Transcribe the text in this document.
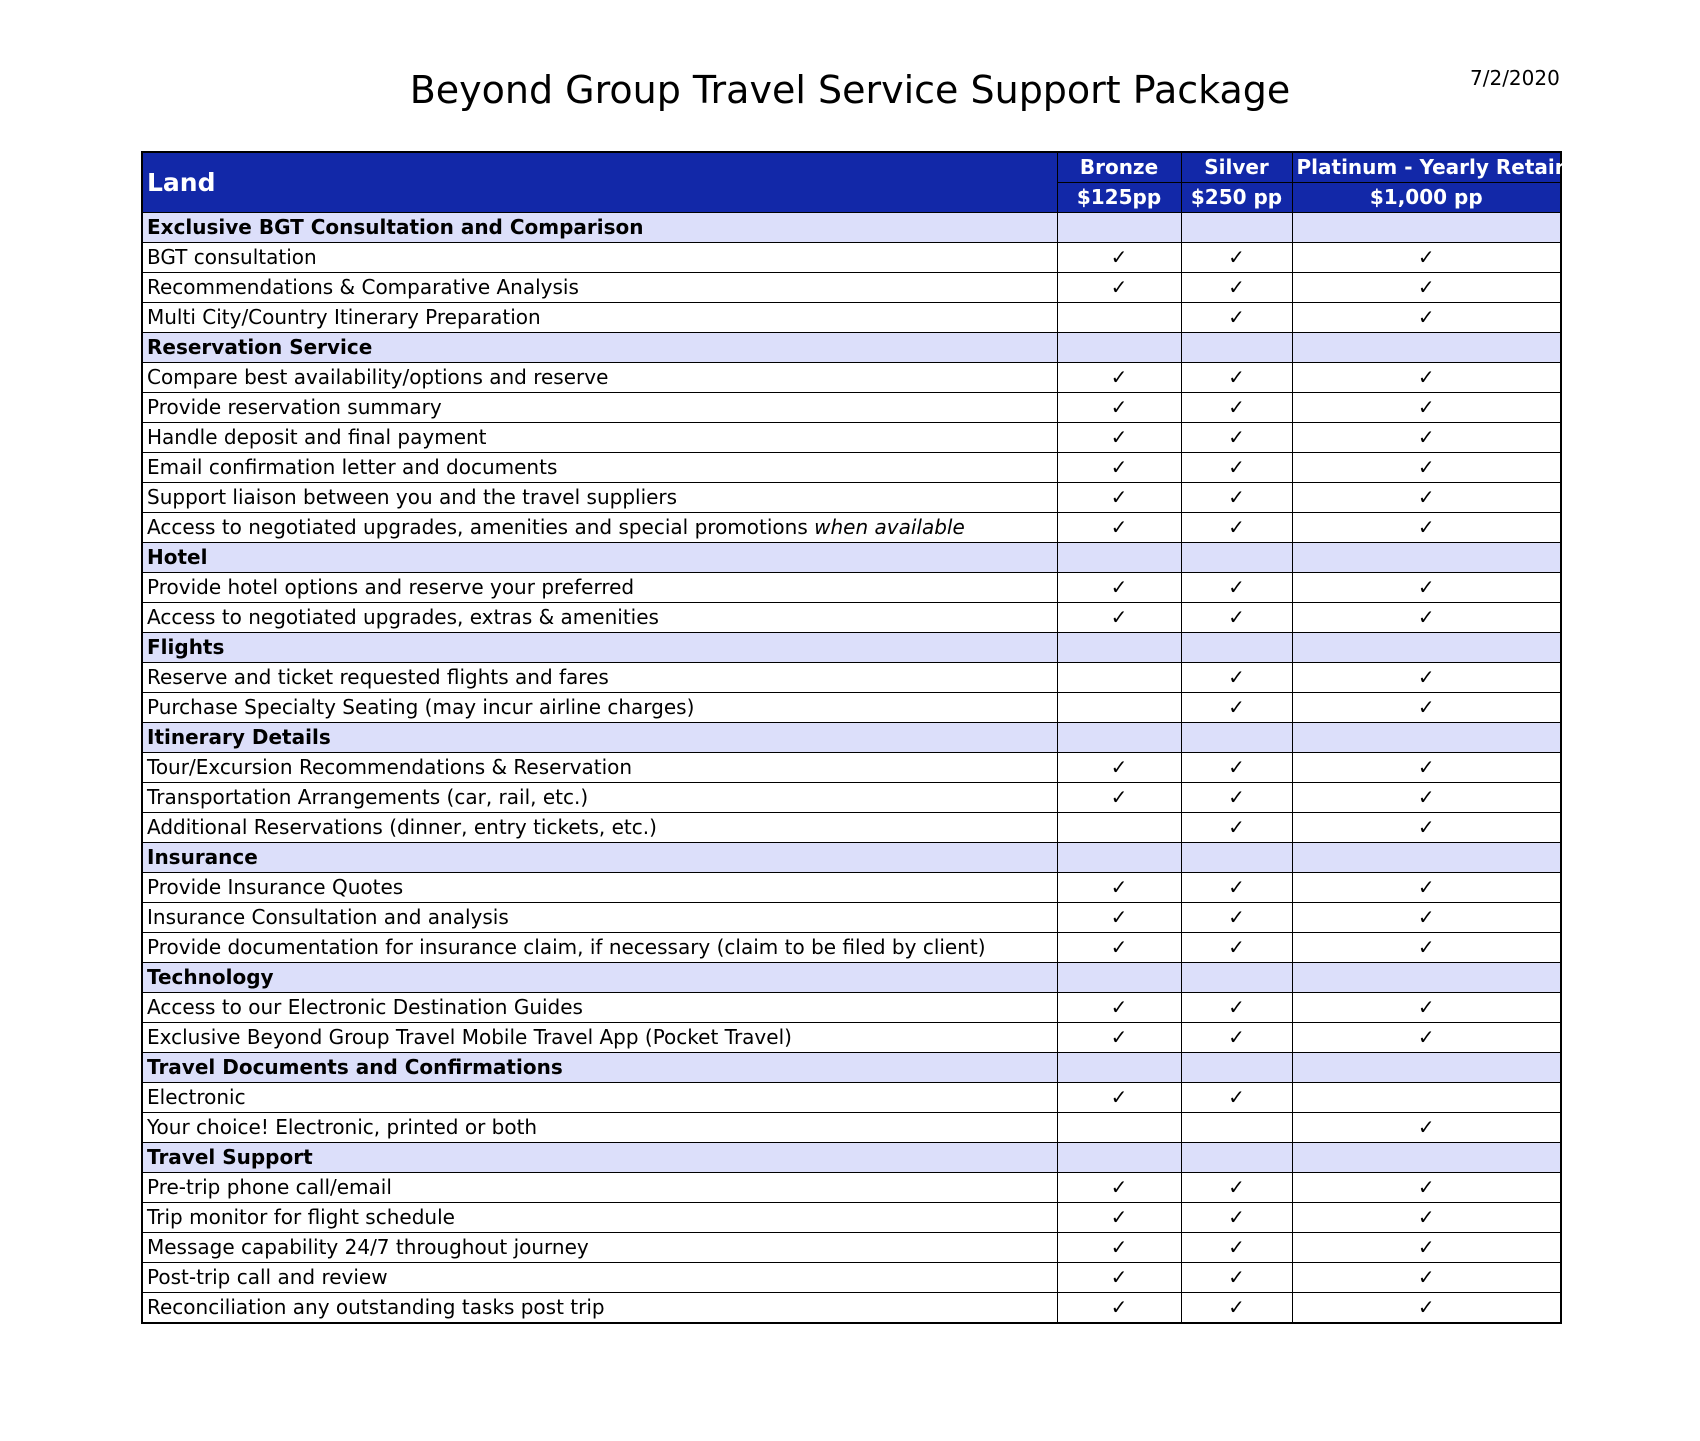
Beyond Group Travel Service Support Package	7/2/2020
Land	Bronze	Silver	Platinum - Yearly Retainer
	$125pp	$250 pp	$1,000 pp
Exclusive BGT Consultation and Comparison			
BGT consultation	✓	✓	✓
Recommendations & Comparative Analysis	✓	✓	✓
Multi City/Country Itinerary Preparation		✓	✓
Reservation Service			
Compare best availability/options and reserve	✓	✓	✓
Provide reservation summary	✓	✓	✓
Handle deposit and final payment	✓	✓	✓
Email confirmation letter and documents	✓	✓	✓
Support liaison between you and the travel suppliers	✓	✓	✓
Access to negotiated upgrades, amenities and special promotions when available	✓	✓	✓
Hotel			
Provide hotel options and reserve your preferred	✓	✓	✓
Access to negotiated upgrades, extras & amenities	✓	✓	✓
Flights			
Reserve and ticket requested flights and fares		✓	✓
Purchase Specialty Seating (may incur airline charges)		✓	✓
Itinerary Details			
Tour/Excursion Recommendations & Reservation	✓	✓	✓
Transportation Arrangements (car, rail, etc.)	✓	✓	✓
Additional Reservations (dinner, entry tickets, etc.)		✓	✓
Insurance			
Provide Insurance Quotes	✓	✓	✓
Insurance Consultation and analysis	✓	✓	✓
Provide documentation for insurance claim, if necessary (claim to be filed by client)	✓	✓	✓
Technology			
Access to our Electronic Destination Guides	✓	✓	✓
Exclusive Beyond Group Travel Mobile Travel App (Pocket Travel)	✓	✓	✓
Travel Documents and Confirmations			
Electronic	✓	✓	
Your choice! Electronic, printed or both			✓
Travel Support			
Pre-trip phone call/email	✓	✓	✓
Trip monitor for flight schedule	✓	✓	✓
Message capability 24/7 throughout journey	✓	✓	✓
Post-trip call and review	✓	✓	✓
Reconciliation any outstanding tasks post trip	✓	✓	✓
